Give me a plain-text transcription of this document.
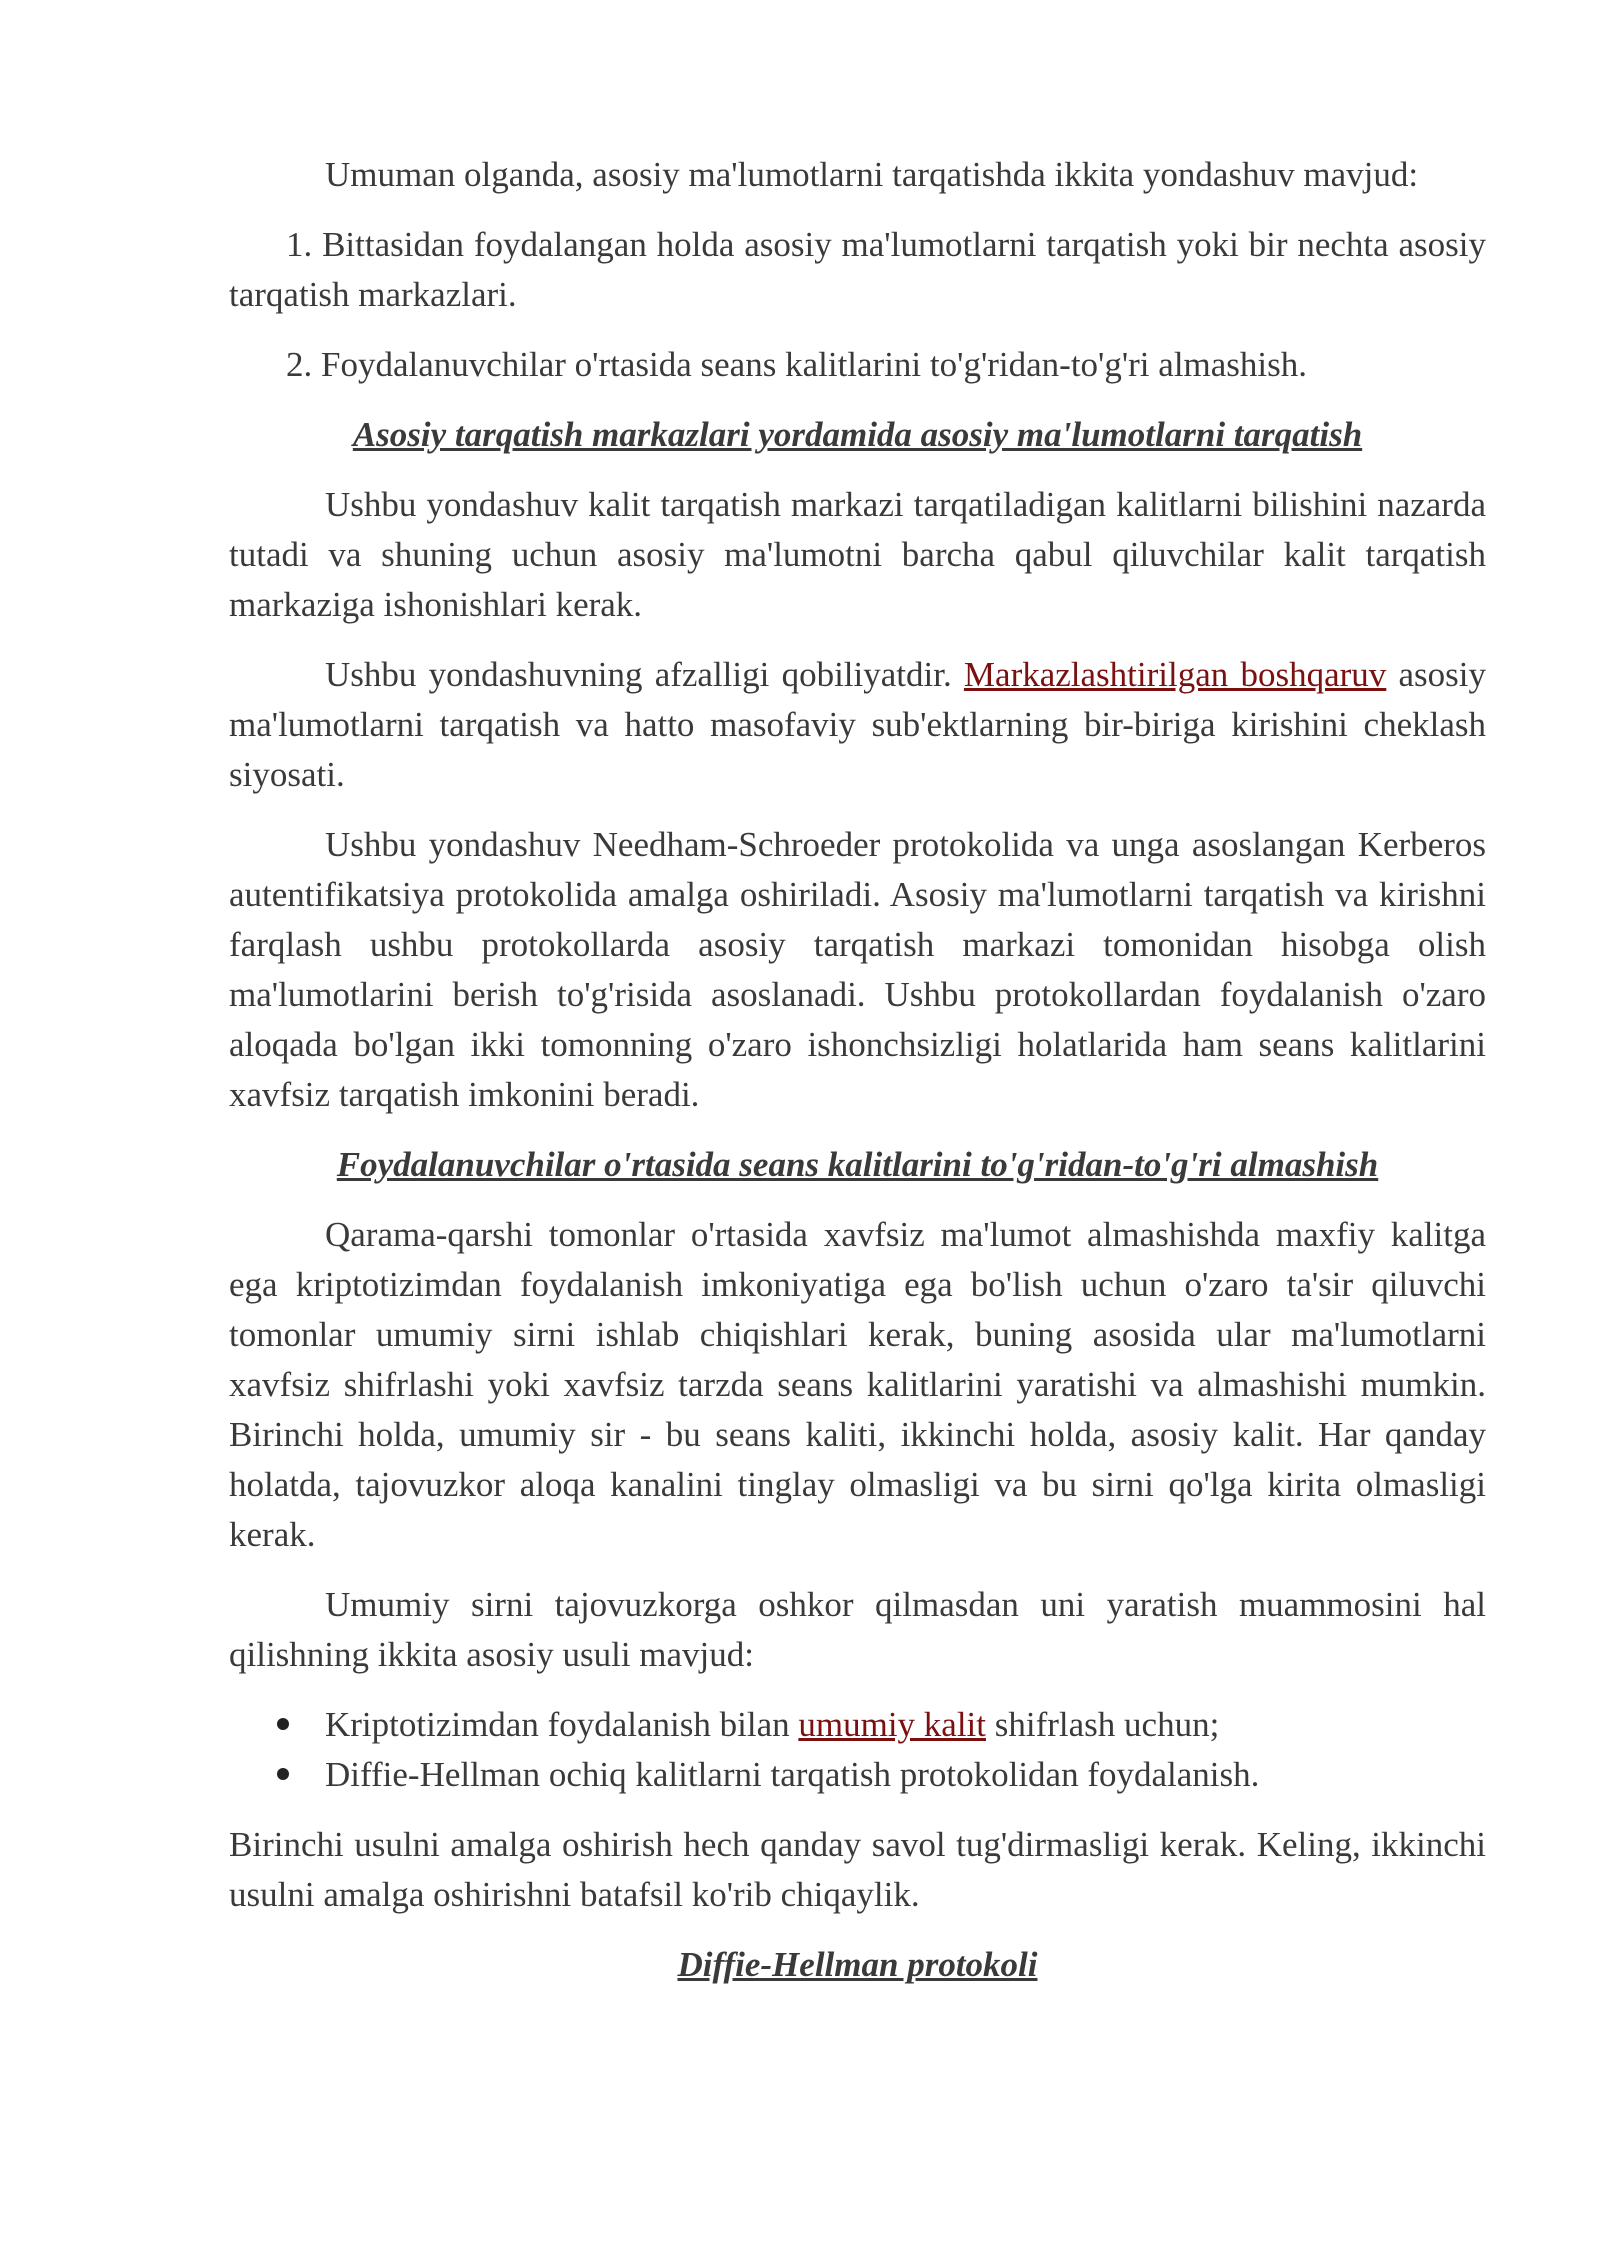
Umuman olganda, asosiy ma'lumotlarni tarqatishda ikkita yondashuv mavjud:

1. Bittasidan foydalangan holda asosiy ma'lumotlarni tarqatish yoki bir nechta asosiy tarqatish markazlari.

2. Foydalanuvchilar o'rtasida seans kalitlarini to'g'ridan-to'g'ri almashish.

Asosiy tarqatish markazlari yordamida asosiy ma'lumotlarni tarqatish

Ushbu yondashuv kalit tarqatish markazi tarqatiladigan kalitlarni bilishini nazarda tutadi va shuning uchun asosiy ma'lumotni barcha qabul qiluvchilar kalit tarqatish markaziga ishonishlari kerak.

Ushbu yondashuvning afzalligi qobiliyatdir. Markazlashtirilgan boshqaruv asosiy ma'lumotlarni tarqatish va hatto masofaviy sub'ektlarning bir-biriga kirishini cheklash siyosati.

Ushbu yondashuv Needham-Schroeder protokolida va unga asoslangan Kerberos autentifikatsiya protokolida amalga oshiriladi. Asosiy ma'lumotlarni tarqatish va kirishni farqlash ushbu protokollarda asosiy tarqatish markazi tomonidan hisobga olish ma'lumotlarini berish to'g'risida asoslanadi. Ushbu protokollardan foydalanish o'zaro aloqada bo'lgan ikki tomonning o'zaro ishonchsizligi holatlarida ham seans kalitlarini xavfsiz tarqatish imkonini beradi.

Foydalanuvchilar o'rtasida seans kalitlarini to'g'ridan-to'g'ri almashish

Qarama-qarshi tomonlar o'rtasida xavfsiz ma'lumot almashishda maxfiy kalitga ega kriptotizimdan foydalanish imkoniyatiga ega bo'lish uchun o'zaro ta'sir qiluvchi tomonlar umumiy sirni ishlab chiqishlari kerak, buning asosida ular ma'lumotlarni xavfsiz shifrlashi yoki xavfsiz tarzda seans kalitlarini yaratishi va almashishi mumkin. Birinchi holda, umumiy sir - bu seans kaliti, ikkinchi holda, asosiy kalit. Har qanday holatda, tajovuzkor aloqa kanalini tinglay olmasligi va bu sirni qo'lga kirita olmasligi kerak.

Umumiy sirni tajovuzkorga oshkor qilmasdan uni yaratish muammosini hal qilishning ikkita asosiy usuli mavjud:

Kriptotizimdan foydalanish bilan umumiy kalit shifrlash uchun;
Diffie-Hellman ochiq kalitlarni tarqatish protokolidan foydalanish.

Birinchi usulni amalga oshirish hech qanday savol tug'dirmasligi kerak. Keling, ikkinchi usulni amalga oshirishni batafsil ko'rib chiqaylik.

Diffie-Hellman protokoli
